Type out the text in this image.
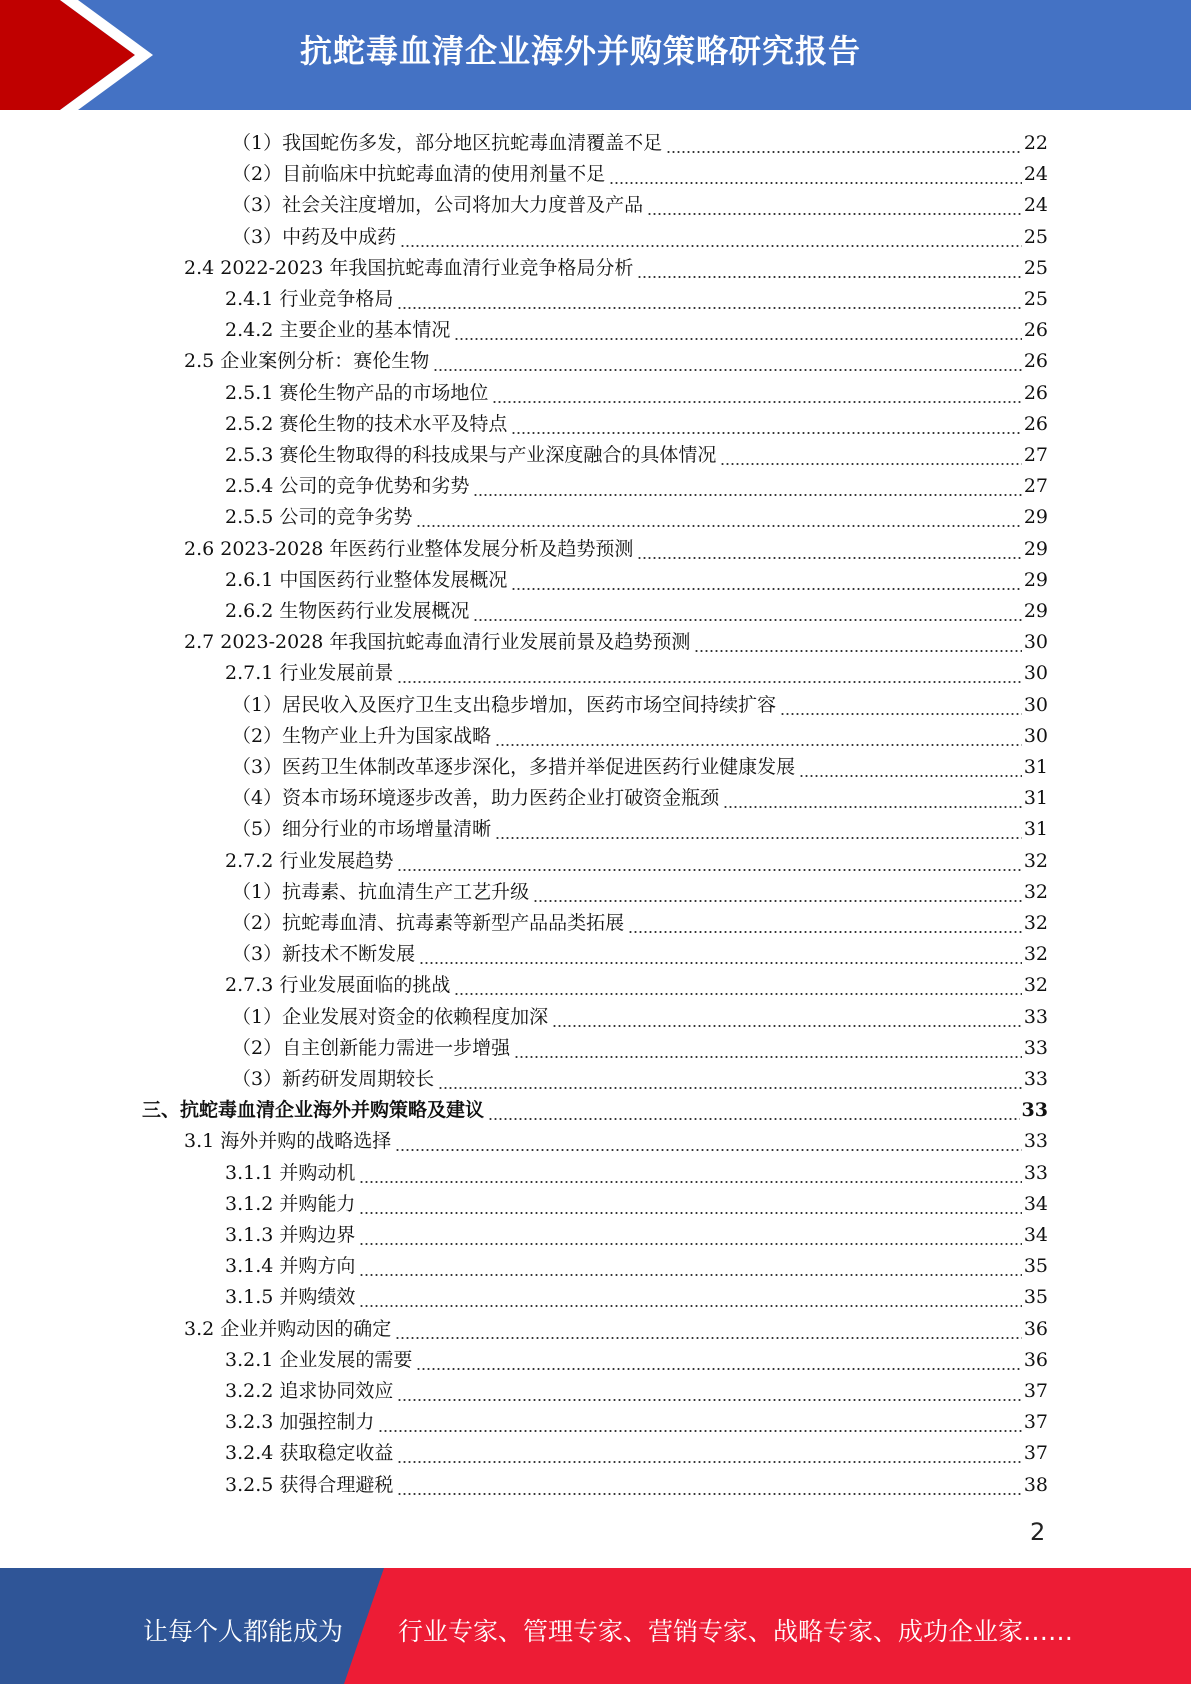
抗蛇毒血清企业海外并购策略研究报告
（1）我国蛇伤多发，部分地区抗蛇毒血清覆盖不足	22
（2）目前临床中抗蛇毒血清的使用剂量不足	24
（3）社会关注度增加，公司将加大力度普及产品	24
（3）中药及中成药	25
2.4 2022-2023 年我国抗蛇毒血清行业竞争格局分析	25
2.4.1 行业竞争格局	25
2.4.2 主要企业的基本情况	26
2.5 企业案例分析：赛伦生物	26
2.5.1 赛伦生物产品的市场地位	26
2.5.2 赛伦生物的技术水平及特点	26
2.5.3 赛伦生物取得的科技成果与产业深度融合的具体情况	27
2.5.4 公司的竞争优势和劣势	27
2.5.5 公司的竞争劣势	29
2.6 2023-2028 年医药行业整体发展分析及趋势预测	29
2.6.1 中国医药行业整体发展概况	29
2.6.2 生物医药行业发展概况	29
2.7 2023-2028 年我国抗蛇毒血清行业发展前景及趋势预测	30
2.7.1 行业发展前景	30
（1）居民收入及医疗卫生支出稳步增加，医药市场空间持续扩容	30
（2）生物产业上升为国家战略	30
（3）医药卫生体制改革逐步深化，多措并举促进医药行业健康发展	31
（4）资本市场环境逐步改善，助力医药企业打破资金瓶颈	31
（5）细分行业的市场增量清晰	31
2.7.2 行业发展趋势	32
（1）抗毒素、抗血清生产工艺升级	32
（2）抗蛇毒血清、抗毒素等新型产品品类拓展	32
（3）新技术不断发展	32
2.7.3 行业发展面临的挑战	32
（1）企业发展对资金的依赖程度加深	33
（2）自主创新能力需进一步增强	33
（3）新药研发周期较长	33
三、抗蛇毒血清企业海外并购策略及建议	33
3.1 海外并购的战略选择	33
3.1.1 并购动机	33
3.1.2 并购能力	34
3.1.3 并购边界	34
3.1.4 并购方向	35
3.1.5 并购绩效	35
3.2 企业并购动因的确定	36
3.2.1 企业发展的需要	36
3.2.2 追求协同效应	37
3.2.3 加强控制力	37
3.2.4 获取稳定收益	37
3.2.5 获得合理避税	38
2
让每个人都能成为 行业专家、管理专家、营销专家、战略专家、成功企业家……
